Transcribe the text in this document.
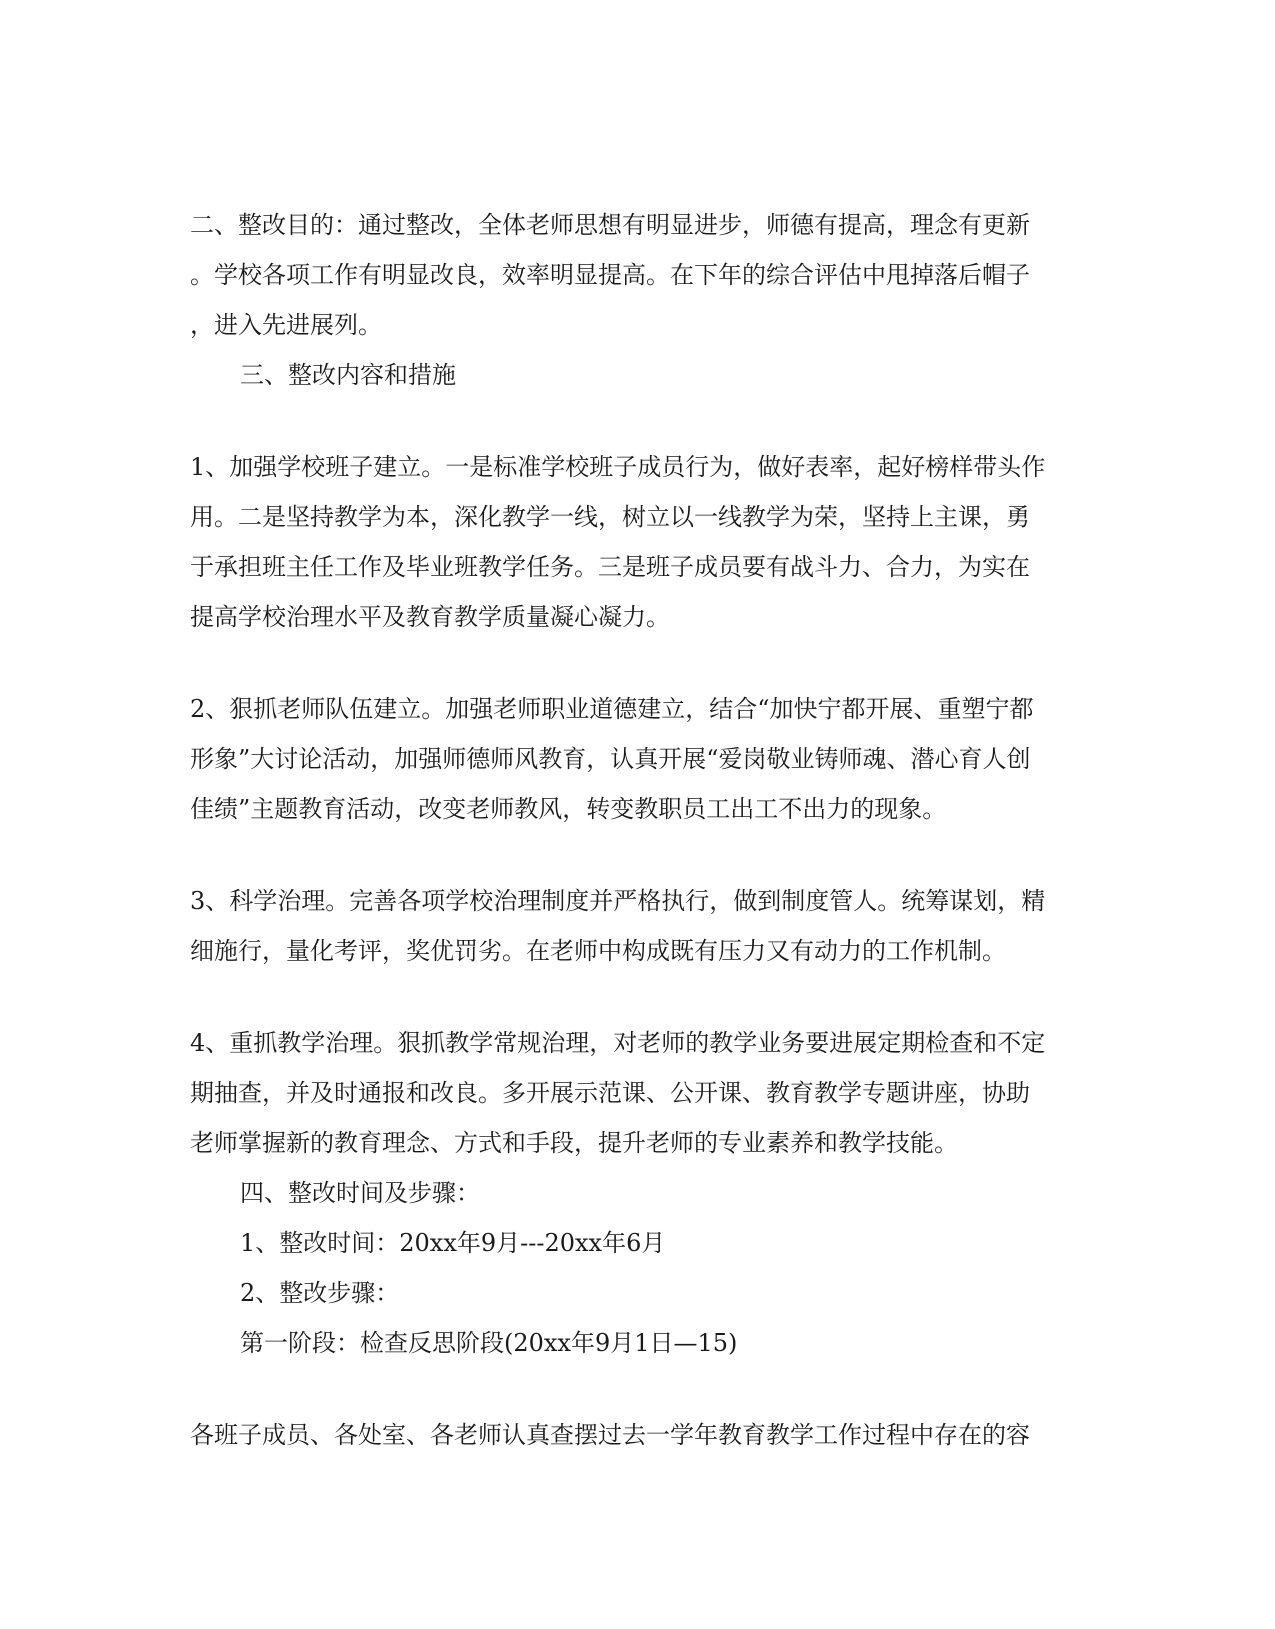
二、整改目的：通过整改，全体老师思想有明显进步，师德有提高，理念有更新
。学校各项工作有明显改良，效率明显提高。在下年的综合评估中甩掉落后帽子
，进入先进展列。
三、整改内容和措施
1、加强学校班子建立。一是标准学校班子成员行为，做好表率，起好榜样带头作
用。二是坚持教学为本，深化教学一线，树立以一线教学为荣，坚持上主课，勇
于承担班主任工作及毕业班教学任务。三是班子成员要有战斗力、合力，为实在
提高学校治理水平及教育教学质量凝心凝力。
2、狠抓老师队伍建立。加强老师职业道德建立，结合“加快宁都开展、重塑宁都
形象”大讨论活动，加强师德师风教育，认真开展“爱岗敬业铸师魂、潜心育人创
佳绩”主题教育活动，改变老师教风，转变教职员工出工不出力的现象。
3、科学治理。完善各项学校治理制度并严格执行，做到制度管人。统筹谋划，精
细施行，量化考评，奖优罚劣。在老师中构成既有压力又有动力的工作机制。
4、重抓教学治理。狠抓教学常规治理，对老师的教学业务要进展定期检查和不定
期抽查，并及时通报和改良。多开展示范课、公开课、教育教学专题讲座，协助
老师掌握新的教育理念、方式和手段，提升老师的专业素养和教学技能。
四、整改时间及步骤：
1、整改时间：20xx年9月---20xx年6月
2、整改步骤：
第一阶段：检查反思阶段(20xx年9月1日—15)
各班子成员、各处室、各老师认真查摆过去一学年教育教学工作过程中存在的容
